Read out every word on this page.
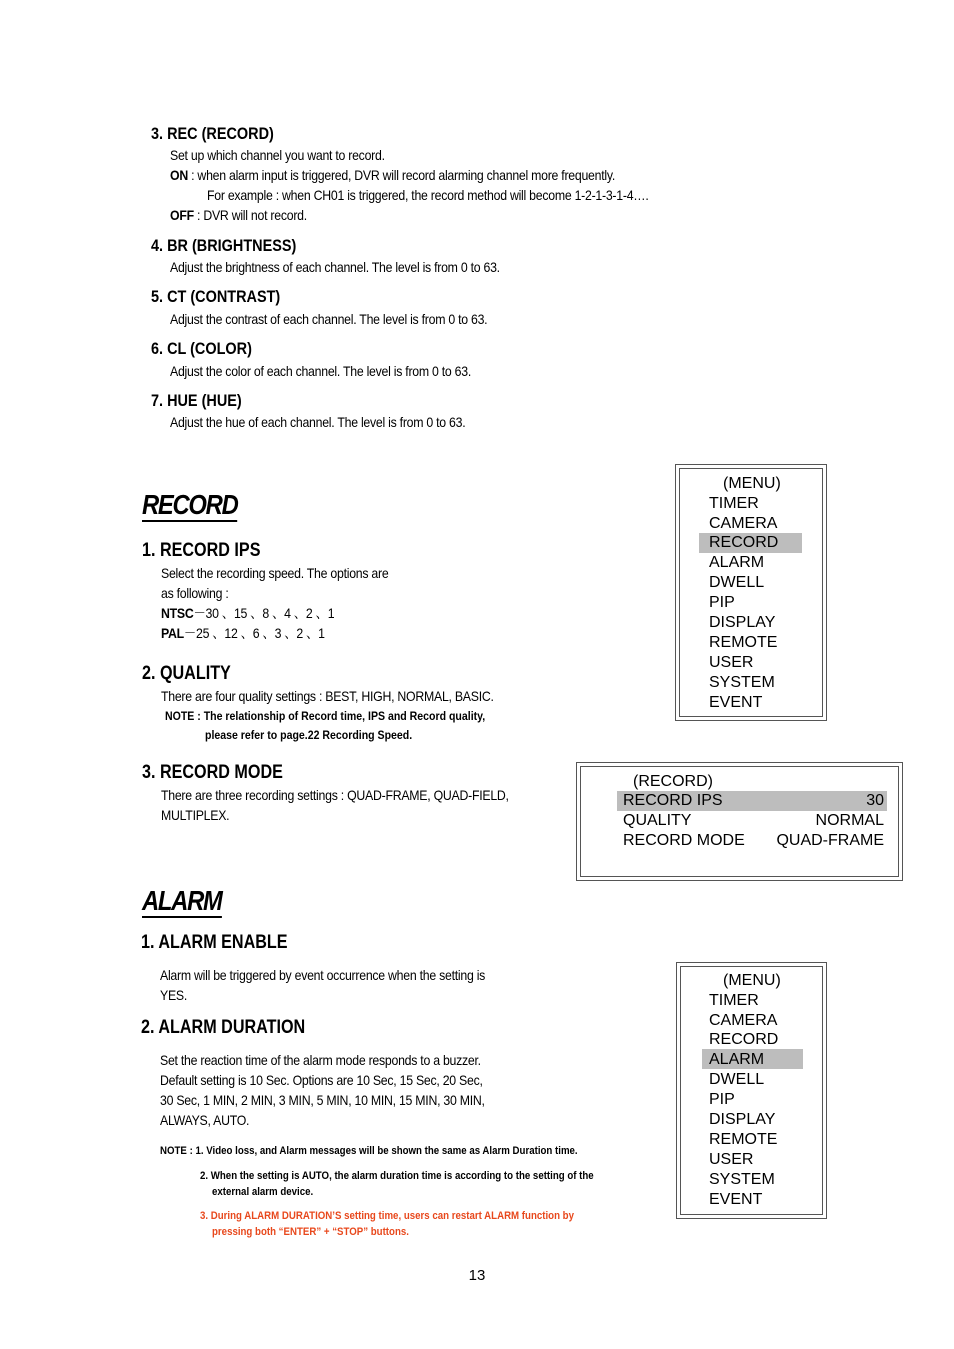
3. REC (RECORD)
Set up which channel you want to record.
ON : when alarm input is triggered, DVR will record alarming channel more frequently.
For example : when CH01 is triggered, the record method will become 1-2-1-3-1-4….
OFF : DVR will not record.
4. BR (BRIGHTNESS)
Adjust the brightness of each channel. The level is from 0 to 63.
5. CT (CONTRAST)
Adjust the contrast of each channel. The level is from 0 to 63.
6. CL (COLOR)
Adjust the color of each channel. The level is from 0 to 63.
7. HUE (HUE)
Adjust the hue of each channel. The level is from 0 to 63.
RECORD
1. RECORD IPS
Select the recording speed. The options are
as following :
NTSC－30 、15 、8 、4 、2 、1
PAL－25 、12 、6 、3 、2 、1
2. QUALITY
There are four quality settings : BEST, HIGH, NORMAL, BASIC.
NOTE : The relationship of Record time, IPS and Record quality,
please refer to page.22 Recording Speed.
3. RECORD MODE
There are three recording settings : QUAD-FRAME, QUAD-FIELD,
MULTIPLEX.
(MENU)
TIMER
CAMERA
RECORD
ALARM
DWELL
PIP
DISPLAY
REMOTE
USER
SYSTEM
EVENT
(RECORD)
RECORD IPS	30
QUALITY	NORMAL
RECORD MODE QUAD-FRAME
ALARM
1. ALARM ENABLE
Alarm will be triggered by event occurrence when the setting is
YES.
2. ALARM DURATION
Set the reaction time of the alarm mode responds to a buzzer.
Default setting is 10 Sec. Options are 10 Sec, 15 Sec, 20 Sec,
30 Sec, 1 MIN, 2 MIN, 3 MIN, 5 MIN, 10 MIN, 15 MIN, 30 MIN,
ALWAYS, AUTO.
NOTE : 1. Video loss, and Alarm messages will be shown the same as Alarm Duration time.
2. When the setting is AUTO, the alarm duration time is according to the setting of the
external alarm device.
3. During ALARM DURATION’S setting time, users can restart ALARM function by
pressing both “ENTER” + “STOP” buttons.
(MENU)
TIMER
CAMERA
RECORD
ALARM
DWELL
PIP
DISPLAY
REMOTE
USER
SYSTEM
EVENT
13
